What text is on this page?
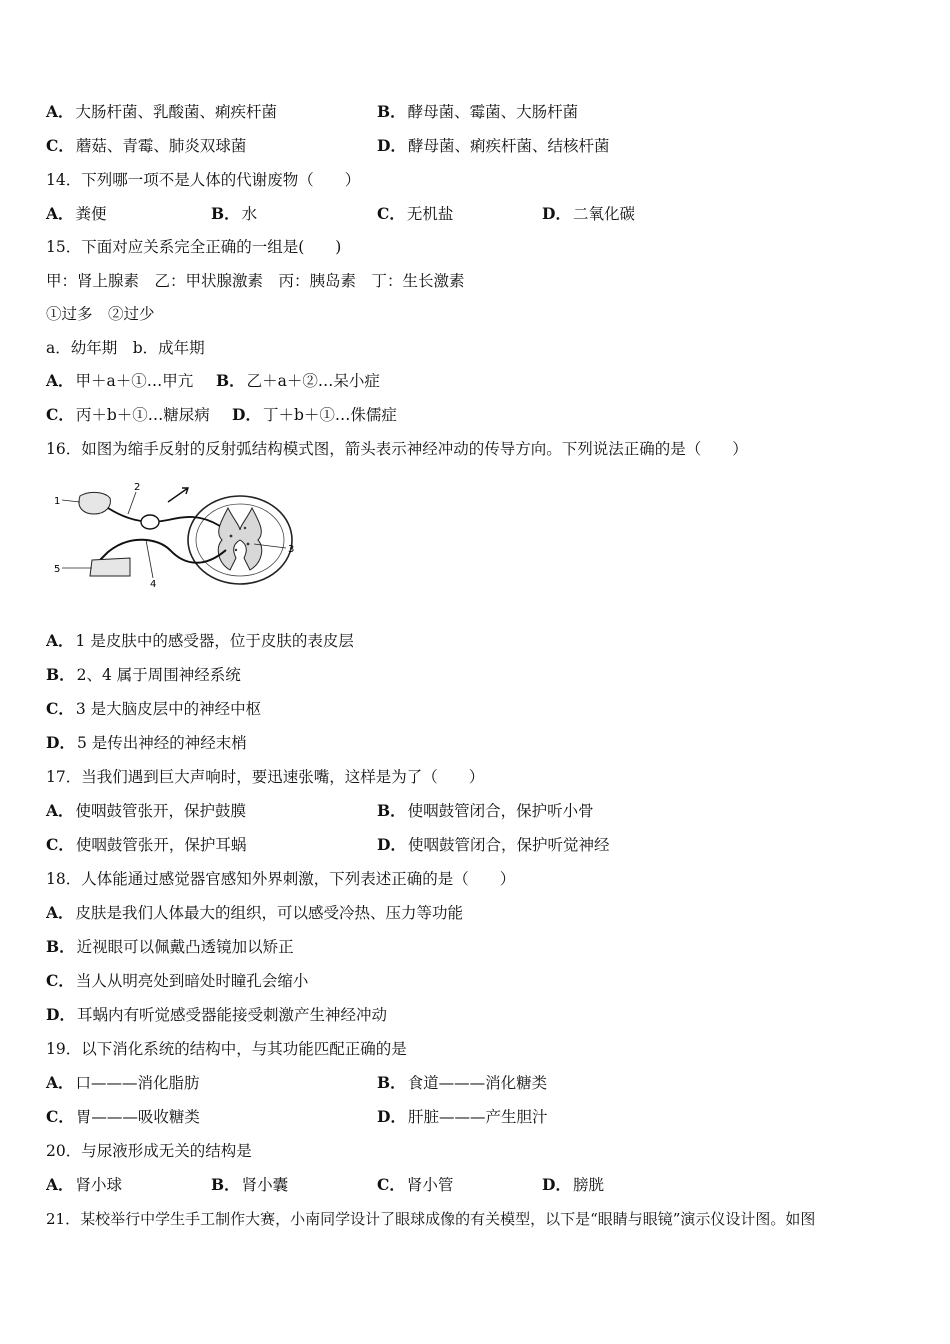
A． 大肠杆菌、乳酸菌、痢疾杆菌	B． 酵母菌、霉菌、大肠杆菌
C． 蘑菇、青霉、肺炎双球菌	D． 酵母菌、痢疾杆菌、结核杆菌
14．下列哪一项不是人体的代谢废物（　　）
A． 粪便	B． 水	C． 无机盐	D． 二氧化碳
15．下面对应关系完全正确的一组是(　　)
甲：肾上腺素　乙：甲状腺激素　丙：胰岛素　丁：生长激素
①过多　②过少
a．幼年期　b．成年期
A． 甲＋a＋①…甲亢 B． 乙＋a＋②…呆小症
C． 丙＋b＋①…糖尿病 D． 丁＋b＋①…侏儒症
16．如图为缩手反射的反射弧结构模式图，箭头表示神经冲动的传导方向。下列说法正确的是（　　）
1
2
3
4
5
A． 1 是皮肤中的感受器，位于皮肤的表皮层
B． 2、4 属于周围神经系统
C． 3 是大脑皮层中的神经中枢
D． 5 是传出神经的神经末梢
17．当我们遇到巨大声响时，要迅速张嘴，这样是为了（　　）
A． 使咽鼓管张开，保护鼓膜	B． 使咽鼓管闭合，保护听小骨
C． 使咽鼓管张开，保护耳蜗	D． 使咽鼓管闭合，保护听觉神经
18．人体能通过感觉器官感知外界刺激，下列表述正确的是（　　）
A． 皮肤是我们人体最大的组织，可以感受冷热、压力等功能
B． 近视眼可以佩戴凸透镜加以矫正
C． 当人从明亮处到暗处时瞳孔会缩小
D． 耳蜗内有听觉感受器能接受刺激产生神经冲动
19．以下消化系统的结构中，与其功能匹配正确的是
A． 口———消化脂肪	B． 食道———消化糖类
C． 胃———吸收糖类	D． 肝脏———产生胆汁
20．与尿液形成无关的结构是
A． 肾小球	B． 肾小囊	C． 肾小管	D． 膀胱
21．某校举行中学生手工制作大赛，小南同学设计了眼球成像的有关模型，以下是“眼睛与眼镜”演示仪设计图。如图
